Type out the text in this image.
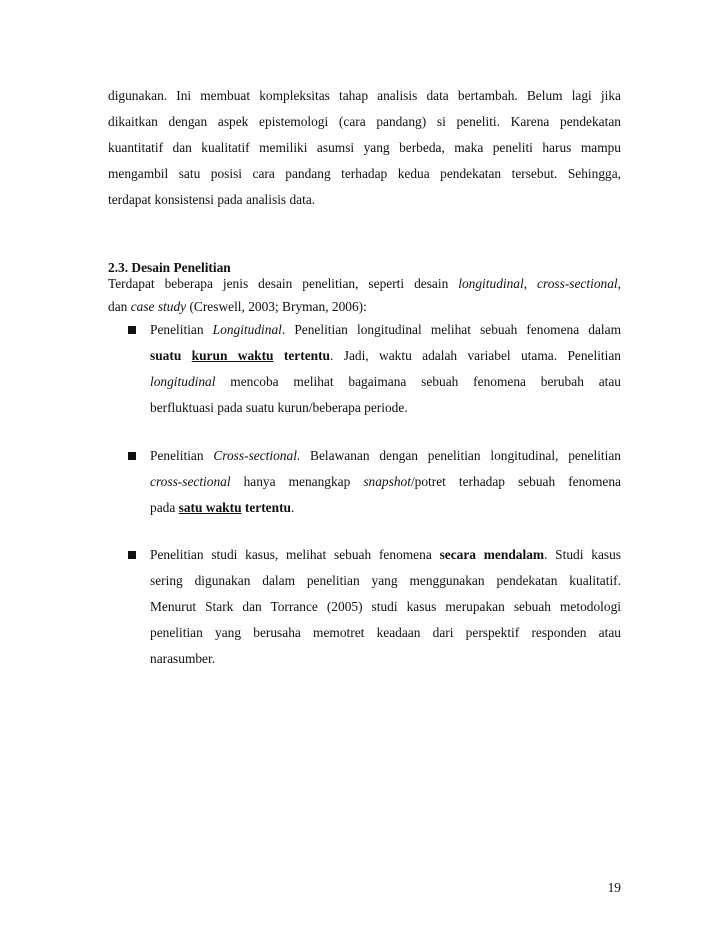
digunakan. Ini membuat kompleksitas tahap analisis data bertambah. Belum lagi jika
dikaitkan dengan aspek epistemologi (cara pandang) si peneliti. Karena pendekatan
kuantitatif dan kualitatif memiliki asumsi yang berbeda, maka peneliti harus mampu
mengambil satu posisi cara pandang terhadap kedua pendekatan tersebut. Sehingga,
terdapat konsistensi pada analisis data.
2.3. Desain Penelitian
Terdapat beberapa jenis desain penelitian, seperti desain longitudinal, cross-sectional,
dan case study (Creswell, 2003; Bryman, 2006):
Penelitian Longitudinal. Penelitian longitudinal melihat sebuah fenomena dalam
suatu kurun waktu tertentu. Jadi, waktu adalah variabel utama. Penelitian
longitudinal mencoba melihat bagaimana sebuah fenomena berubah atau
berfluktuasi pada suatu kurun/beberapa periode.
Penelitian Cross-sectional. Belawanan dengan penelitian longitudinal, penelitian
cross-sectional hanya menangkap snapshot/potret terhadap sebuah fenomena
pada satu waktu tertentu.
Penelitian studi kasus, melihat sebuah fenomena secara mendalam. Studi kasus
sering digunakan dalam penelitian yang menggunakan pendekatan kualitatif.
Menurut Stark dan Torrance (2005) studi kasus merupakan sebuah metodologi
penelitian yang berusaha memotret keadaan dari perspektif responden atau
narasumber.
19
